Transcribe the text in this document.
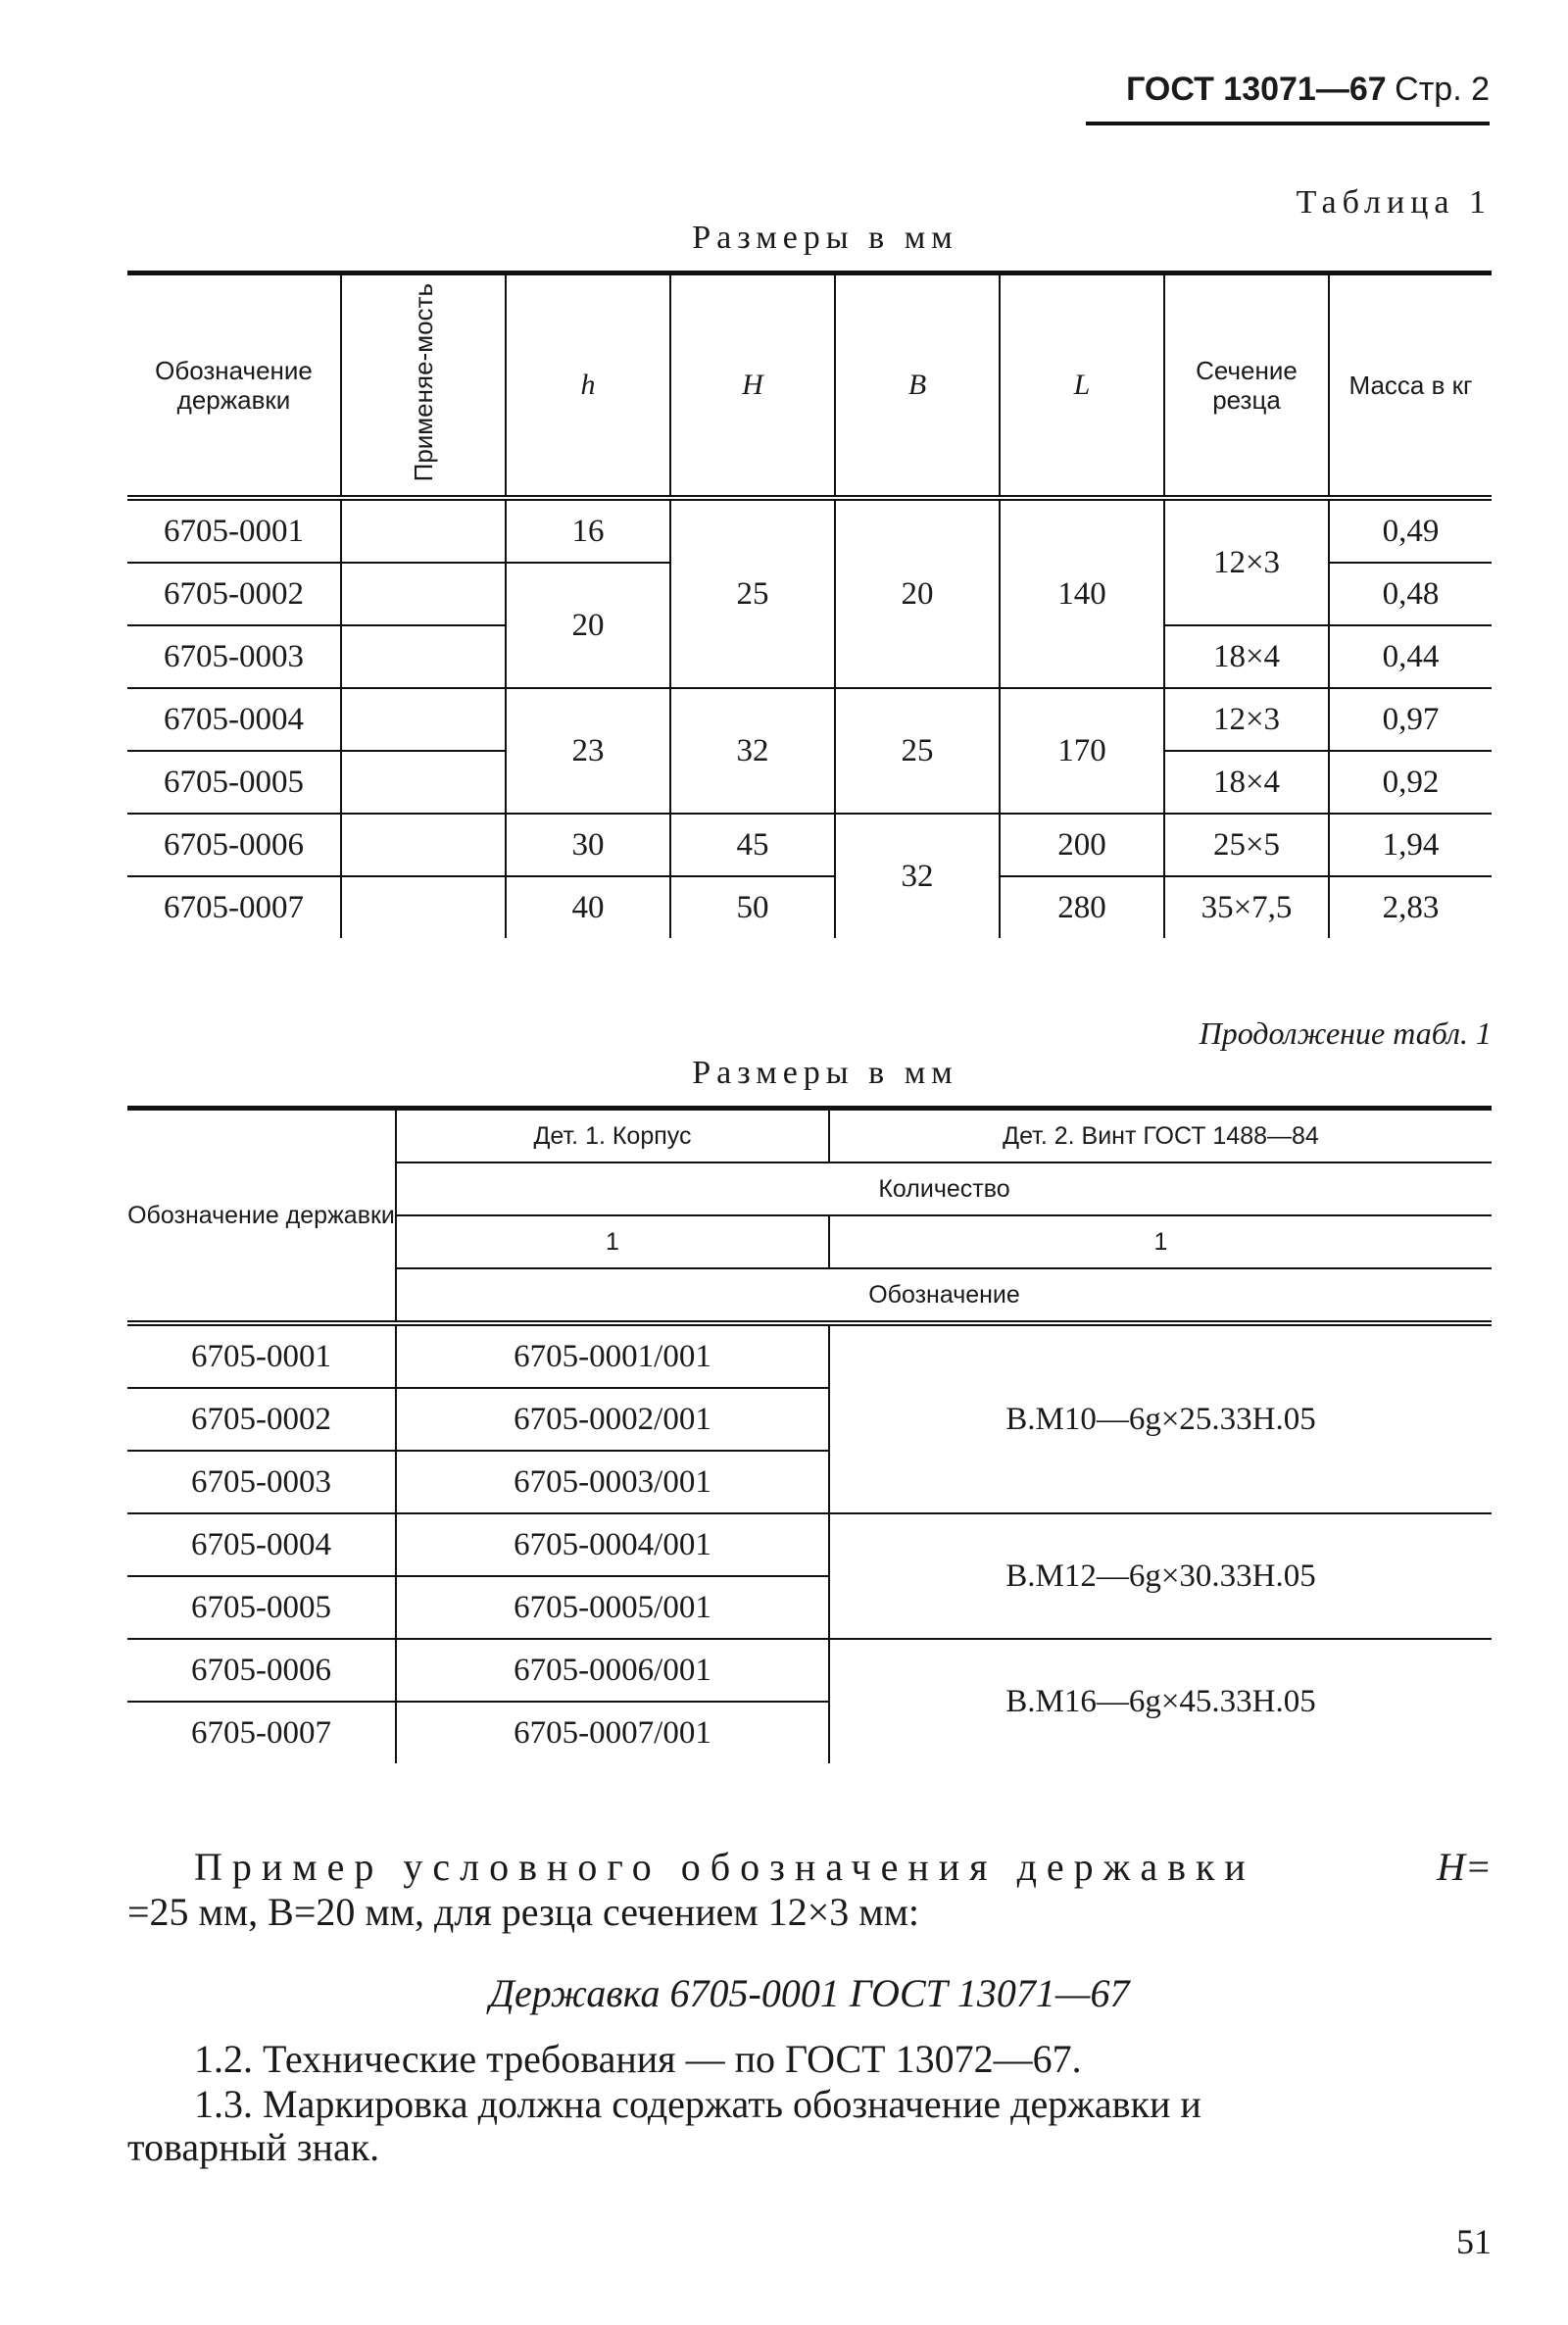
ГОСТ 13071—67 Стр. 2
Таблица 1
Размеры в мм
Обозначение державки	Применяе-мость	h	H	B	L	Сечение резца	Масса в кг
6705-0001		16	25	20	140	12×3	0,49
6705-0002		20					0,48
6705-0003						18×4	0,44
6705-0004		23	32	25	170	12×3	0,97
6705-0005						18×4	0,92
6705-0006		30	45	32	200	25×5	1,94
6705-0007		40	50		280	35×7,5	2,83
Продолжение табл. 1
Размеры в мм
Обозначение державки	Дет. 1. Корпус	Дет. 2. Винт ГОСТ 1488—84
	Количество	
	1	1
	Обозначение	
6705-0001	6705-0001/001	В.М10—6g×25.33Н.05
6705-0002	6705-0002/001	
6705-0003	6705-0003/001	
6705-0004	6705-0004/001	В.М12—6g×30.33Н.05
6705-0005	6705-0005/001	
6705-0006	6705-0006/001	В.М16—6g×45.33Н.05
6705-0007	6705-0007/001	
Пример условного обозначения державки	Н=
=25 мм, В=20 мм, для резца сечением 12×3 мм:
Державка 6705-0001 ГОСТ 13071—67
1.2. Технические требования — по ГОСТ 13072—67.
1.3. Маркировка должна содержать обозначение державки и
товарный знак.
51
